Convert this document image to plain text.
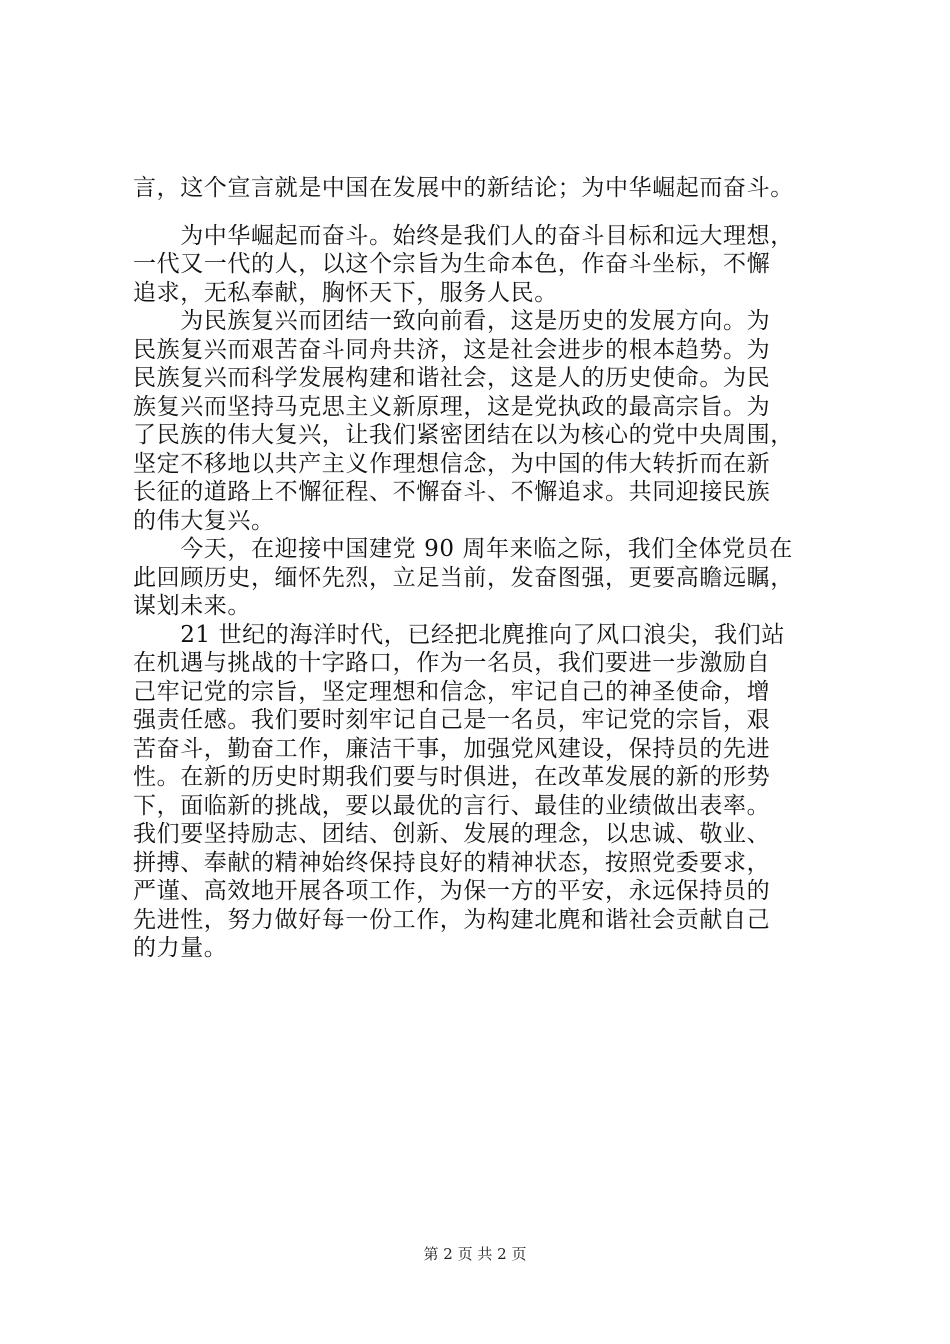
言，这个宣言就是中国在发展中的新结论；为中华崛起而奋斗。
　　为中华崛起而奋斗。始终是我们人的奋斗目标和远大理想，
一代又一代的人，以这个宗旨为生命本色，作奋斗坐标，不懈
追求，无私奉献，胸怀天下，服务人民。
　　为民族复兴而团结一致向前看，这是历史的发展方向。为
民族复兴而艰苦奋斗同舟共济，这是社会进步的根本趋势。为
民族复兴而科学发展构建和谐社会，这是人的历史使命。为民
族复兴而坚持马克思主义新原理，这是党执政的最高宗旨。为
了民族的伟大复兴，让我们紧密团结在以为核心的党中央周围，
坚定不移地以共产主义作理想信念，为中国的伟大转折而在新
长征的道路上不懈征程、不懈奋斗、不懈追求。共同迎接民族
的伟大复兴。
　　今天，在迎接中国建党 90 周年来临之际，我们全体党员在
此回顾历史，缅怀先烈，立足当前，发奋图强，更要高瞻远瞩，
谋划未来。
　　21 世纪的海洋时代，已经把北麂推向了风口浪尖，我们站
在机遇与挑战的十字路口，作为一名员，我们要进一步激励自
己牢记党的宗旨，坚定理想和信念，牢记自己的神圣使命，增
强责任感。我们要时刻牢记自己是一名员，牢记党的宗旨，艰
苦奋斗，勤奋工作，廉洁干事，加强党风建设，保持员的先进
性。在新的历史时期我们要与时俱进，在改革发展的新的形势
下，面临新的挑战，要以最优的言行、最佳的业绩做出表率。
我们要坚持励志、团结、创新、发展的理念，以忠诚、敬业、
拼搏、奉献的精神始终保持良好的精神状态，按照党委要求，
严谨、高效地开展各项工作，为保一方的平安，永远保持员的
先进性，努力做好每一份工作，为构建北麂和谐社会贡献自己
的力量。
第 2 页 共 2 页
